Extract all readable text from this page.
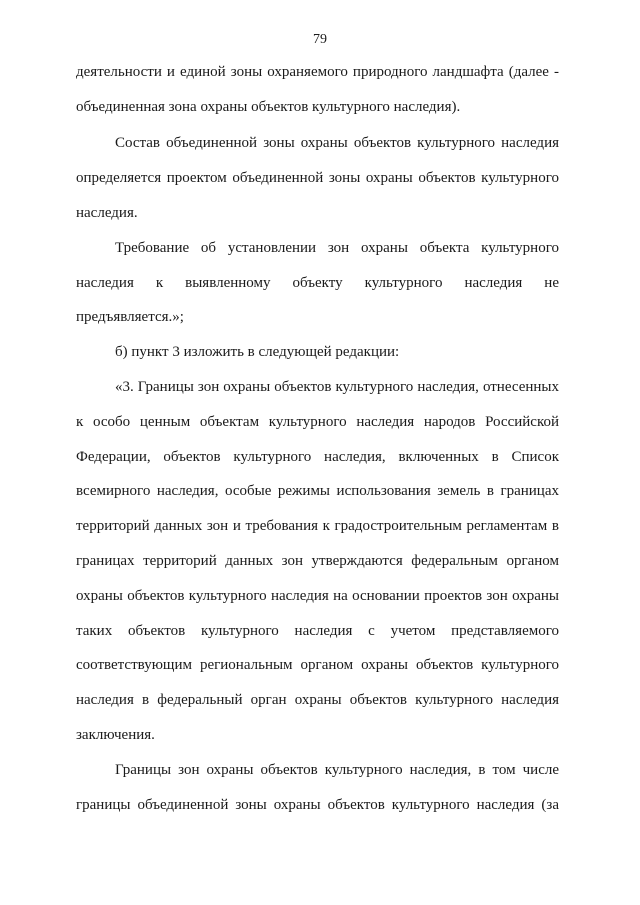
79
деятельности и единой зоны охраняемого природного ландшафта (далее -
объединенная зона охраны объектов культурного наследия).
Состав объединенной зоны охраны объектов культурного наследия
определяется проектом объединенной зоны охраны объектов культурного
наследия.
Требование об установлении зон охраны объекта культурного
наследия к выявленному объекту культурного наследия не
предъявляется.»;
б) пункт 3 изложить в следующей редакции:
«3. Границы зон охраны объектов культурного наследия, отнесенных
к особо ценным объектам культурного наследия народов Российской
Федерации, объектов культурного наследия, включенных в Список
всемирного наследия, особые режимы использования земель в границах
территорий данных зон и требования к градостроительным регламентам в
границах территорий данных зон утверждаются федеральным органом
охраны объектов культурного наследия на основании проектов зон охраны
таких объектов культурного наследия с учетом представляемого
соответствующим региональным органом охраны объектов культурного
наследия в федеральный орган охраны объектов культурного наследия
заключения.
Границы зон охраны объектов культурного наследия, в том числе
границы объединенной зоны охраны объектов культурного наследия (за
